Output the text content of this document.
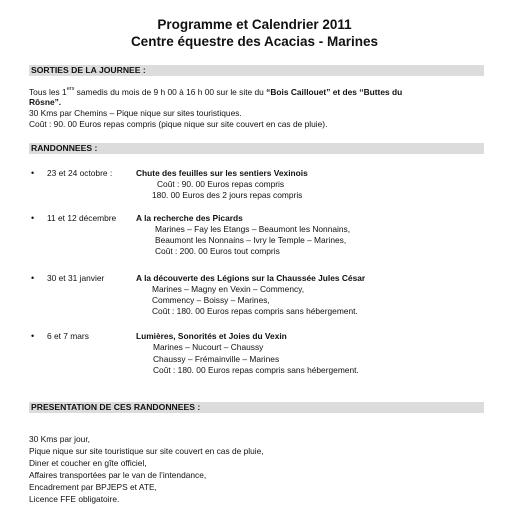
Programme et Calendrier 2011
Centre équestre des Acacias - Marines
SORTIES DE LA JOURNEE :
Tous les 1ers samedis du mois de 9 h 00 à 16 h 00 sur le site du “Bois Caillouet” et des ‘‘Buttes du
Rôsne”.
30 Kms par Chemins – Pique nique sur sites touristiques.
Coût : 90. 00 Euros repas compris (pique nique sur site couvert en cas de pluie).
RANDONNEES :
• 23 et 24 octobre :	Chute des feuilles sur les sentiers Vexinois
Coût : 90. 00 Euros repas compris
180. 00 Euros des 2 jours repas compris
• 11 et 12 décembre A la recherche des Picards
Marines – Fay les Etangs – Beaumont les Nonnains,
Beaumont les Nonnains – Ivry le Temple – Marines,
Coût : 200. 00 Euros tout compris
• 30 et 31 janvier	A la découverte des Légions sur la Chaussée Jules César
Marines – Magny en Vexin – Commency,
Commency – Boissy – Marines,
Coût : 180. 00 Euros repas compris sans hébergement.
• 6 et 7 mars	Lumières, Sonorités et Joies du Vexin
Marines – Nucourt – Chaussy
Chaussy – Frémainville – Marines
Coût : 180. 00 Euros repas compris sans hébergement.
PRESENTATION DE CES RANDONNEES :
30 Kms par jour,
Pique nique sur site touristique sur site couvert en cas de pluie,
Diner et coucher en gîte officiel,
Affaires transportées par le van de l’intendance,
Encadrement par BPJEPS et ATE,
Licence FFE obligatoire.
